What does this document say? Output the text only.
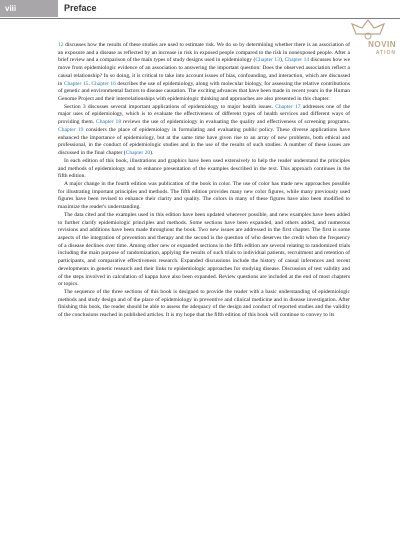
viii	Preface
NOVIN
ATION

12 discusses how the results of these studies are used to estimate risk. We do so by determining whether there is an association of an exposure and a disease as reflected by an increase in risk in exposed people compared to the risk in nonexposed people. After a brief review and a comparison of the main types of study designs used in epidemiology (Chapter 13), Chapter 14 discusses how we move from epidemiologic evidence of an association to answering the important question: Does the observed association reflect a causal relationship? In so doing, it is critical to take into account issues of bias, confounding, and interaction, which are discussed in Chapter 15. Chapter 16 describes the use of epidemiology, along with molecular biology, for assessing the relative contributions of genetic and environmental factors to disease causation. The exciting advances that have been made in recent years in the Human Genome Project and their interrelationships with epidemiologic thinking and approaches are also presented in this chapter.

Section 3 discusses several important applications of epidemiology to major health issues. Chapter 17 addresses one of the major uses of epidemiology, which is to evaluate the effectiveness of different types of health services and different ways of providing them. Chapter 18 reviews the use of epidemiology in evaluating the quality and effectiveness of screening programs. Chapter 19 considers the place of epidemiology in formulating and evaluating public policy. These diverse applications have enhanced the importance of epidemiology, but at the same time have given rise to an array of new problems, both ethical and professional, in the conduct of epidemiologic studies and in the use of the results of such studies. A number of these issues are discussed in the final chapter (Chapter 20).

In each edition of this book, illustrations and graphics have been used extensively to help the reader understand the principles and methods of epidemiology and to enhance presentation of the examples described in the text. This approach continues in the fifth edition.

A major change in the fourth edition was publication of the book in color. The use of color has made new approaches possible for illustrating important principles and methods. The fifth edition provides many new color figures, while many previously used figures have been revised to enhance their clarity and quality. The colors in many of these figures have also been modified to maximize the reader's understanding.

The data cited and the examples used in this edition have been updated wherever possible, and new examples have been added to further clarify epidemiologic principles and methods. Some sections have been expanded, and others added, and numerous revisions and additions have been made throughout the book. Two new issues are addressed in the first chapter. The first is some aspects of the integration of prevention and therapy and the second is the question of who deserves the credit when the frequency of a disease declines over time. Among other new or expanded sections in the fifth edition are several relating to randomized trials including the main purpose of randomization, applying the results of such trials to individual patients, recruitment and retention of participants, and comparative effectiveness research. Expanded discussions include the history of causal inferences and recent developments in genetic research and their links to epidemiologic approaches for studying disease. Discussion of test validity and of the steps involved in calculation of kappa have also been expanded. Review questions are included at the end of most chapters or topics.

The sequence of the three sections of this book is designed to provide the reader with a basic understanding of epidemiologic methods and study design and of the place of epidemiology in preventive and clinical medicine and in disease investigation. After finishing this book, the reader should be able to assess the adequacy of the design and conduct of reported studies and the validity of the conclusions reached in published articles. It is my hope that the fifth edition of this book will continue to convey to its
